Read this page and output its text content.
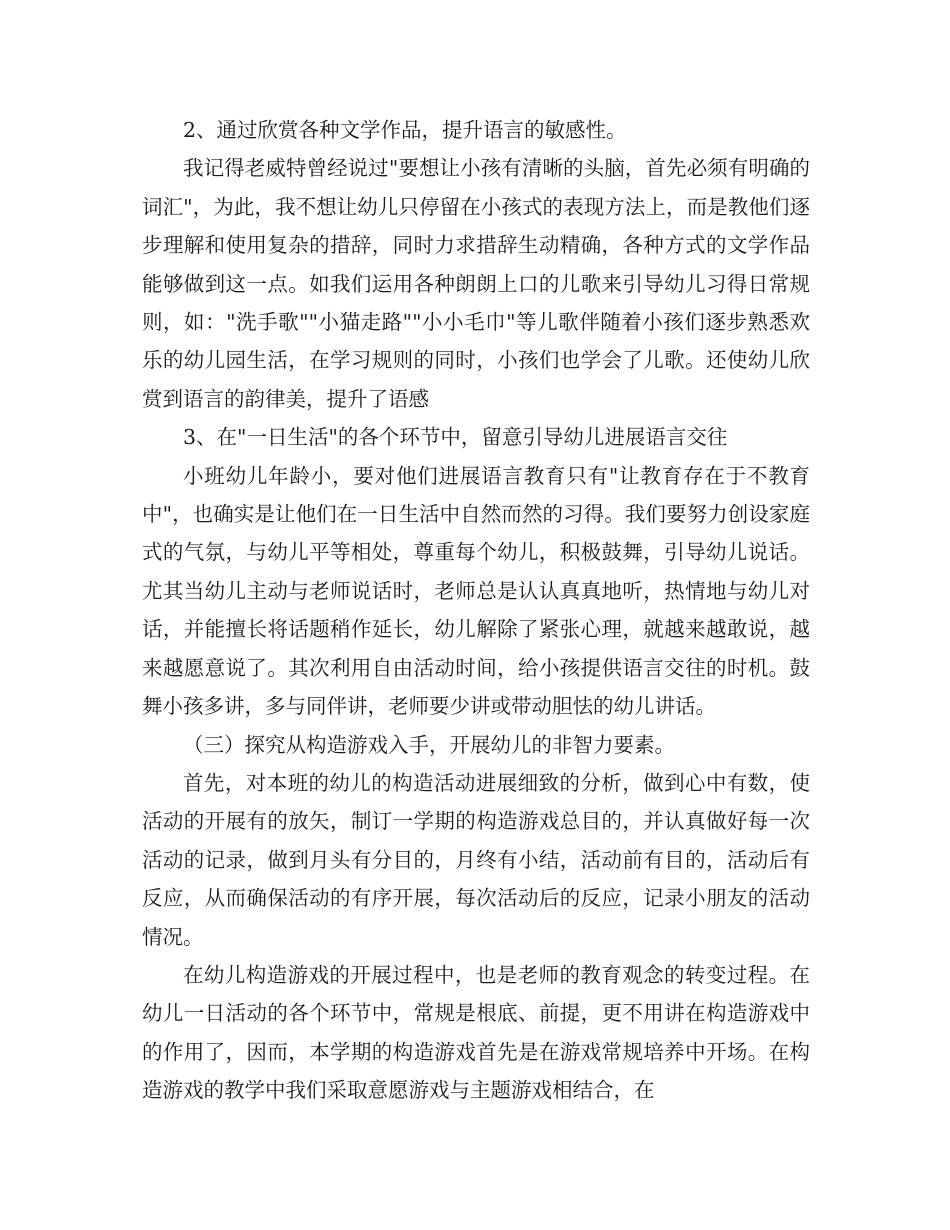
2、通过欣赏各种文学作品，提升语言的敏感性。

我记得老威特曾经说过"要想让小孩有清晰的头脑，首先必须有明确的词汇"，为此，我不想让幼儿只停留在小孩式的表现方法上，而是教他们逐步理解和使用复杂的措辞，同时力求措辞生动精确，各种方式的文学作品能够做到这一点。如我们运用各种朗朗上口的儿歌来引导幼儿习得日常规则，如："洗手歌""小猫走路""小小毛巾"等儿歌伴随着小孩们逐步熟悉欢乐的幼儿园生活，在学习规则的同时，小孩们也学会了儿歌。还使幼儿欣赏到语言的韵律美，提升了语感

3、在"一日生活"的各个环节中，留意引导幼儿进展语言交往

小班幼儿年龄小，要对他们进展语言教育只有"让教育存在于不教育中"，也确实是让他们在一日生活中自然而然的习得。我们要努力创设家庭式的气氛，与幼儿平等相处，尊重每个幼儿，积极鼓舞，引导幼儿说话。尤其当幼儿主动与老师说话时，老师总是认认真真地听，热情地与幼儿对话，并能擅长将话题稍作延长，幼儿解除了紧张心理，就越来越敢说，越来越愿意说了。其次利用自由活动时间，给小孩提供语言交往的时机。鼓舞小孩多讲，多与同伴讲，老师要少讲或带动胆怯的幼儿讲话。

（三）探究从构造游戏入手，开展幼儿的非智力要素。

首先，对本班的幼儿的构造活动进展细致的分析，做到心中有数，使活动的开展有的放矢，制订一学期的构造游戏总目的，并认真做好每一次活动的记录，做到月头有分目的，月终有小结，活动前有目的，活动后有反应，从而确保活动的有序开展，每次活动后的反应，记录小朋友的活动情况。

在幼儿构造游戏的开展过程中，也是老师的教育观念的转变过程。在幼儿一日活动的各个环节中，常规是根底、前提，更不用讲在构造游戏中的作用了，因而，本学期的构造游戏首先是在游戏常规培养中开场。在构造游戏的教学中我们采取意愿游戏与主题游戏相结合，在
